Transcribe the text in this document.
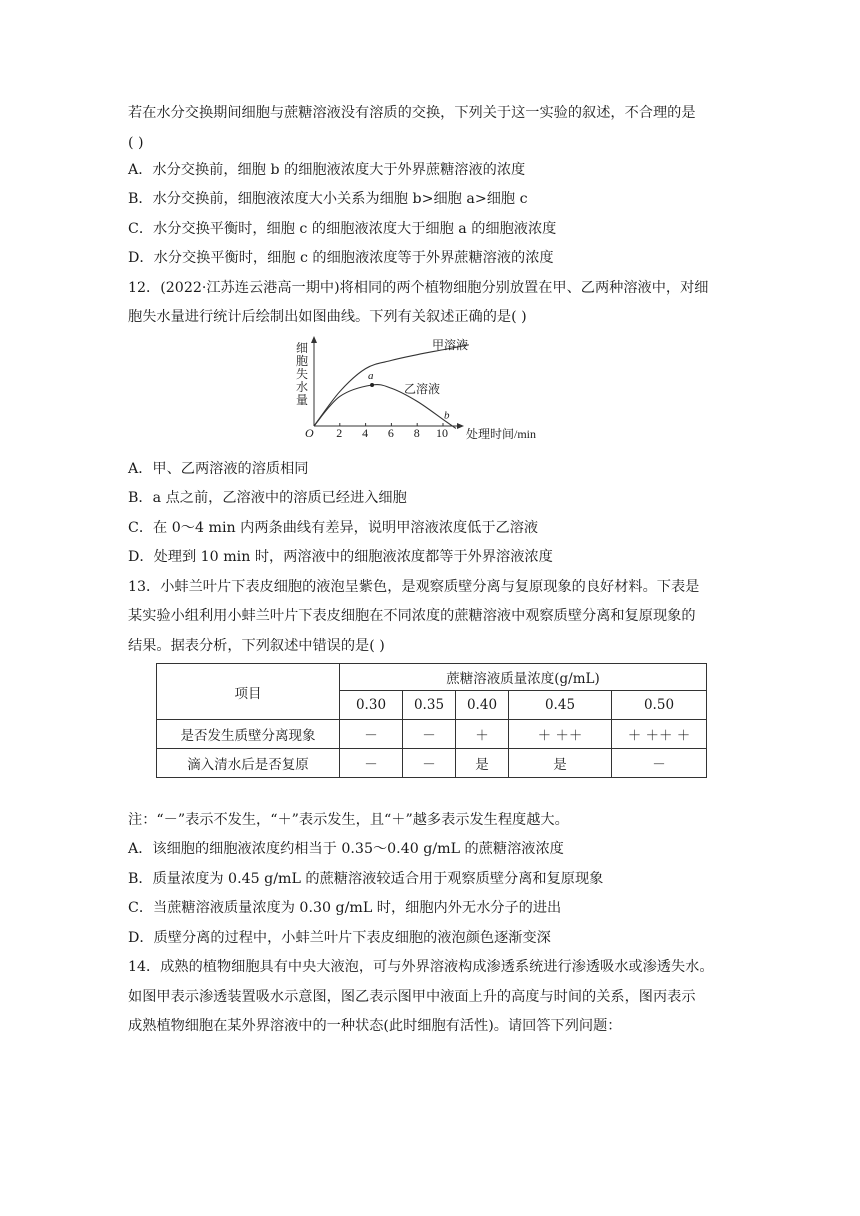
若在水分交换期间细胞与蔗糖溶液没有溶质的交换，下列关于这一实验的叙述，不合理的是
( )
A．水分交换前，细胞 b 的细胞液浓度大于外界蔗糖溶液的浓度
B．水分交换前，细胞液浓度大小关系为细胞 b>细胞 a>细胞 c
C．水分交换平衡时，细胞 c 的细胞液浓度大于细胞 a 的细胞液浓度
D．水分交换平衡时，细胞 c 的细胞液浓度等于外界蔗糖溶液的浓度
12．(2022·江苏连云港高一期中)将相同的两个植物细胞分别放置在甲、乙两种溶液中，对细
胞失水量进行统计后绘制出如图曲线。下列有关叙述正确的是( )
A．甲、乙两溶液的溶质相同
B．a 点之前，乙溶液中的溶质已经进入细胞
C．在 0～4 min 内两条曲线有差异，说明甲溶液浓度低于乙溶液
D．处理到 10 min 时，两溶液中的细胞液浓度都等于外界溶液浓度
13．小蚌兰叶片下表皮细胞的液泡呈紫色，是观察质壁分离与复原现象的良好材料。下表是
某实验小组利用小蚌兰叶片下表皮细胞在不同浓度的蔗糖溶液中观察质壁分离和复原现象的
结果。据表分析，下列叙述中错误的是( )
注：“－”表示不发生，“＋”表示发生，且“＋”越多表示发生程度越大。
A．该细胞的细胞液浓度约相当于 0.35～0.40 g/mL 的蔗糖溶液浓度
B．质量浓度为 0.45 g/mL 的蔗糖溶液较适合用于观察质壁分离和复原现象
C．当蔗糖溶液质量浓度为 0.30 g/mL 时，细胞内外无水分子的进出
D．质壁分离的过程中，小蚌兰叶片下表皮细胞的液泡颜色逐渐变深
14．成熟的植物细胞具有中央大液泡，可与外界溶液构成渗透系统进行渗透吸水或渗透失水。
如图甲表示渗透装置吸水示意图，图乙表示图甲中液面上升的高度与时间的关系，图丙表示
成熟植物细胞在某外界溶液中的一种状态(此时细胞有活性)。请回答下列问题：
细胞失水量
O 2 4 6 8 10
a
b
甲溶液
乙溶液
处理时间/min
项目	蔗糖溶液质量浓度(g/mL)				
	0.30	0.35	0.40	0.45	0.50
是否发生质壁分离现象	－	－	＋	＋ ＋＋	＋ ＋＋ ＋
滴入清水后是否复原	－	－	是	是	－
